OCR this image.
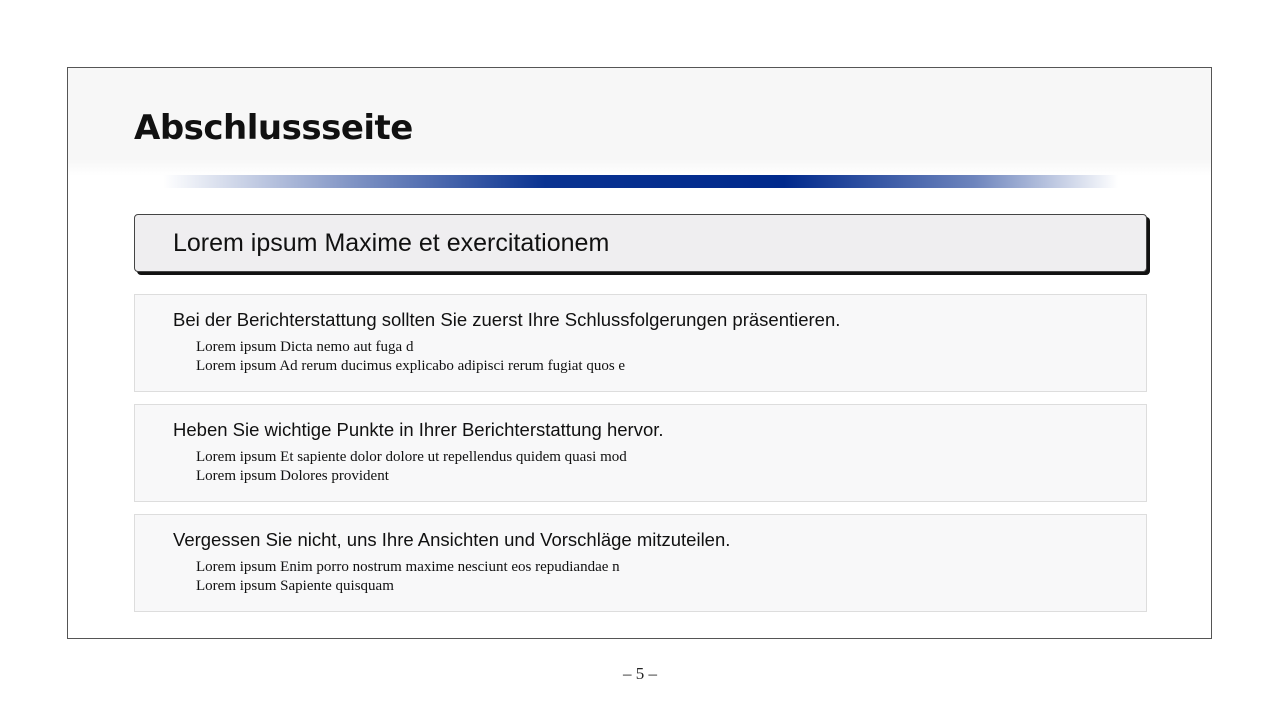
Abschlussseite
Lorem ipsum Maxime et exercitationem
Bei der Berichterstattung sollten Sie zuerst Ihre Schlussfolgerungen präsentieren.
Lorem ipsum Dicta nemo aut fuga d
Lorem ipsum Ad rerum ducimus explicabo adipisci rerum fugiat quos e
Heben Sie wichtige Punkte in Ihrer Berichterstattung hervor.
Lorem ipsum Et sapiente dolor dolore ut repellendus quidem quasi mod
Lorem ipsum Dolores provident
Vergessen Sie nicht, uns Ihre Ansichten und Vorschläge mitzuteilen.
Lorem ipsum Enim porro nostrum maxime nesciunt eos repudiandae n
Lorem ipsum Sapiente quisquam
– 5 –
